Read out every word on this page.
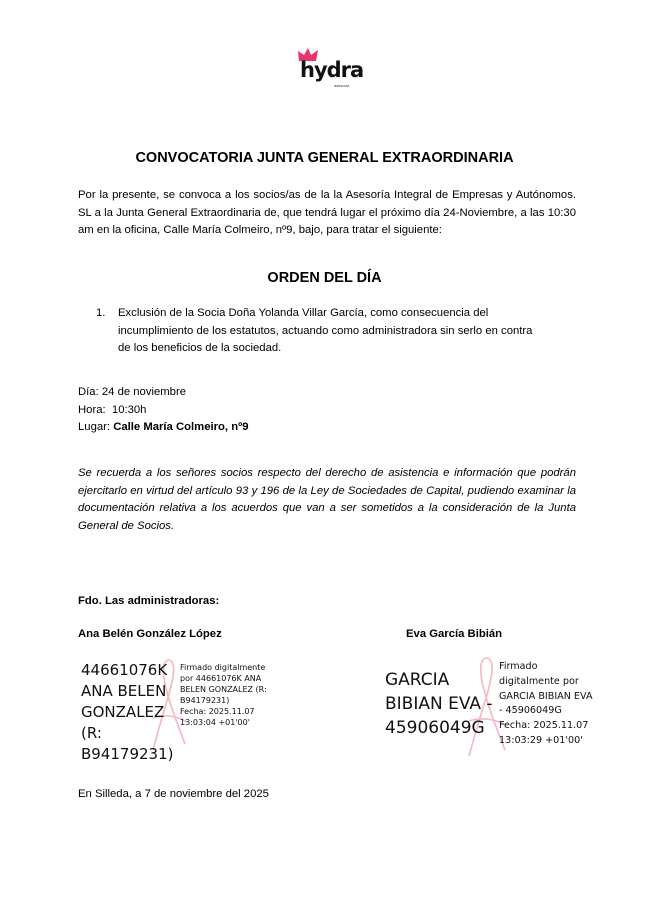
hydra
asesoría
CONVOCATORIA JUNTA GENERAL EXTRAORDINARIA
Por la presente, se convoca a los socios/as de la la Asesoría Integral de Empresas y Autónomos. SL a la Junta General Extraordinaria de, que tendrá lugar el próximo día 24-Noviembre, a las 10:30 am en la oficina, Calle María Colmeiro, nº9, bajo, para tratar el siguiente:
ORDEN DEL DÍA
1. Exclusión de la Socia Doña Yolanda Villar García, como consecuencia del incumplimiento de los estatutos, actuando como administradora sin serlo en contra de los beneficios de la sociedad.
Día: 24 de noviembre
Hora: 10:30h
Lugar: Calle María Colmeiro, nº9
Se recuerda a los señores socios respecto del derecho de asistencia e información que podrán ejercitarlo en virtud del artículo 93 y 196 de la Ley de Sociedades de Capital, pudiendo examinar la documentación relativa a los acuerdos que van a ser sometidos a la consideración de la Junta General de Socios.
Fdo. Las administradoras:
Ana Belén González López	Eva García Bibián
44661076K
ANA BELEN
GONZALEZ (R:
B94179231)
Firmado digitalmente
por 44661076K ANA
BELEN GONZALEZ (R:
B94179231)
Fecha: 2025.11.07
13:03:04 +01'00'
GARCIA
BIBIAN EVA -
45906049G
Firmado
digitalmente por
GARCIA BIBIAN EVA
- 45906049G
Fecha: 2025.11.07
13:03:29 +01'00'
En Silleda, a 7 de noviembre del 2025
